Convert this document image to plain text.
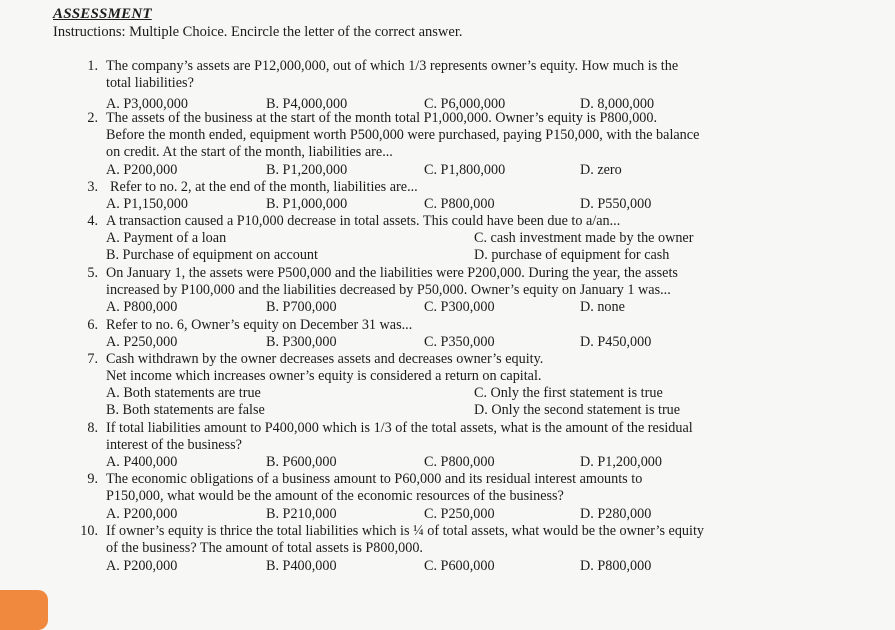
ASSESSMENT
Instructions: Multiple Choice. Encircle the letter of the correct answer.
1. The company’s assets are P12,000,000, out of which 1/3 represents owner’s equity. How much is the
total liabilities?
A. P3,000,000	B. P4,000,000	C. P6,000,000	D. 8,000,000
2. The assets of the business at the start of the month total P1,000,000. Owner’s equity is P800,000.
Before the month ended, equipment worth P500,000 were purchased, paying P150,000, with the balance
on credit. At the start of the month, liabilities are...
A. P200,000	B. P1,200,000	C. P1,800,000	D. zero
3. Refer to no. 2, at the end of the month, liabilities are...
A. P1,150,000	B. P1,000,000	C. P800,000	D. P550,000
4. A transaction caused a P10,000 decrease in total assets. This could have been due to a/an...
A. Payment of a loan	C. cash investment made by the owner
B. Purchase of equipment on account	D. purchase of equipment for cash
5. On January 1, the assets were P500,000 and the liabilities were P200,000. During the year, the assets
increased by P100,000 and the liabilities decreased by P50,000. Owner’s equity on January 1 was...
A. P800,000	B. P700,000	C. P300,000	D. none
6. Refer to no. 6, Owner’s equity on December 31 was...
A. P250,000	B. P300,000	C. P350,000	D. P450,000
7. Cash withdrawn by the owner decreases assets and decreases owner’s equity.
Net income which increases owner’s equity is considered a return on capital.
A. Both statements are true	C. Only the first statement is true
B. Both statements are false	D. Only the second statement is true
8. If total liabilities amount to P400,000 which is 1/3 of the total assets, what is the amount of the residual
interest of the business?
A. P400,000	B. P600,000	C. P800,000	D. P1,200,000
9. The economic obligations of a business amount to P60,000 and its residual interest amounts to
P150,000, what would be the amount of the economic resources of the business?
A. P200,000	B. P210,000	C. P250,000	D. P280,000
10. If owner’s equity is thrice the total liabilities which is ¼ of total assets, what would be the owner’s equity
of the business? The amount of total assets is P800,000.
A. P200,000	B. P400,000	C. P600,000	D. P800,000
